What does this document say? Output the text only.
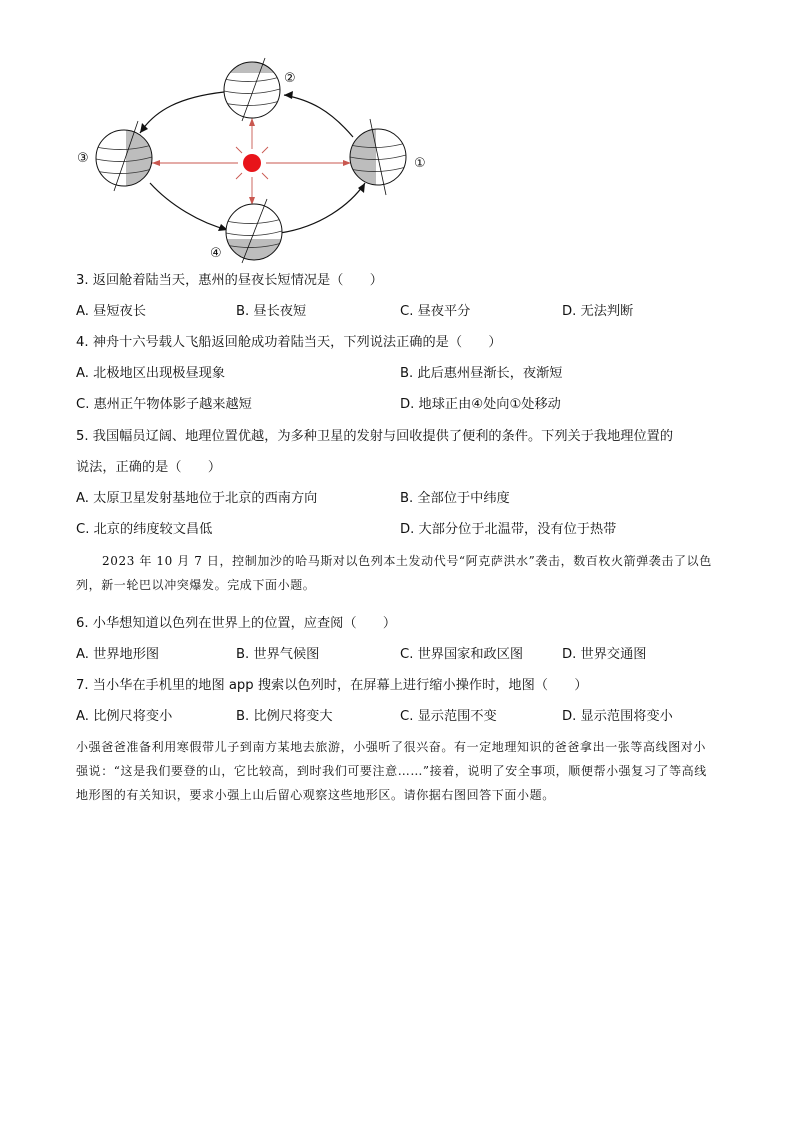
①
②
③
④
3. 返回舱着陆当天，惠州的昼夜长短情况是（　　）
A. 昼短夜长	B. 昼长夜短	C. 昼夜平分	D. 无法判断
4. 神舟十六号载人飞船返回舱成功着陆当天，下列说法正确的是（　　）
A. 北极地区出现极昼现象	B. 此后惠州昼渐长，夜渐短
C. 惠州正午物体影子越来越短	D. 地球正由④处向①处移动
5. 我国幅员辽阔、地理位置优越，为多种卫星的发射与回收提供了便利的条件。下列关于我地理位置的
说法，正确的是（　　）
A. 太原卫星发射基地位于北京的西南方向	B. 全部位于中纬度
C. 北京的纬度较文昌低	D. 大部分位于北温带，没有位于热带
2023 年 10 月 7 日，控制加沙的哈马斯对以色列本土发动代号“阿克萨洪水”袭击，数百枚火箭弹袭击了以色列，新一轮巴以冲突爆发。完成下面小题。
6. 小华想知道以色列在世界上的位置，应查阅（　　）
A. 世界地形图	B. 世界气候图	C. 世界国家和政区图	D. 世界交通图
7. 当小华在手机里的地图 app 搜索以色列时，在屏幕上进行缩小操作时，地图（　　）
A. 比例尺将变小	B. 比例尺将变大	C. 显示范围不变	D. 显示范围将变小
小强爸爸准备利用寒假带儿子到南方某地去旅游，小强听了很兴奋。有一定地理知识的爸爸拿出一张等高线图对小强说：“这是我们要登的山，它比较高，到时我们可要注意……”接着，说明了安全事项，顺便帮小强复习了等高线地形图的有关知识，要求小强上山后留心观察这些地形区。请你据右图回答下面小题。
